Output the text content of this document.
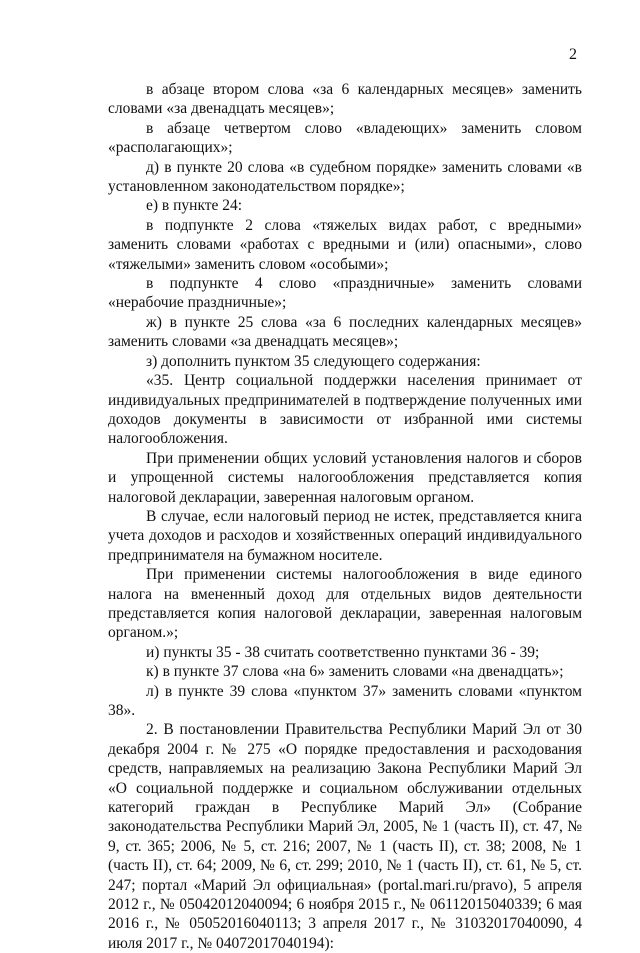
2

в абзаце втором слова «за 6 календарных месяцев» заменить словами «за двенадцать месяцев»;

в абзаце четвертом слово «владеющих» заменить словом «располагающих»;

д) в пункте 20 слова «в судебном порядке» заменить словами «в установленном законодательством порядке»;

е) в пункте 24:

в подпункте 2 слова «тяжелых видах работ, с вредными» заменить словами «работах с вредными и (или) опасными», слово «тяжелыми» заменить словом «особыми»;

в подпункте 4 слово «праздничные» заменить словами «нерабочие праздничные»;

ж) в пункте 25 слова «за 6 последних календарных месяцев» заменить словами «за двенадцать месяцев»;

з) дополнить пунктом 35 следующего содержания:

«35. Центр социальной поддержки населения принимает от индивидуальных предпринимателей в подтверждение полученных ими доходов документы в зависимости от избранной ими системы налогообложения.

При применении общих условий установления налогов и сборов и упрощенной системы налогообложения представляется копия налоговой декларации, заверенная налоговым органом.

В случае, если налоговый период не истек, представляется книга учета доходов и расходов и хозяйственных операций индивидуального предпринимателя на бумажном носителе.

При применении системы налогообложения в виде единого налога на вмененный доход для отдельных видов деятельности представляется копия налоговой декларации, заверенная налоговым органом.»;

и) пункты 35 - 38 считать соответственно пунктами 36 - 39;

к) в пункте 37 слова «на 6» заменить словами «на двенадцать»;

л) в пункте 39 слова «пунктом 37» заменить словами «пунктом 38».

2. В постановлении Правительства Республики Марий Эл от 30 декабря 2004 г. № 275 «О порядке предоставления и расходования средств, направляемых на реализацию Закона Республики Марий Эл «О социальной поддержке и социальном обслуживании отдельных категорий граждан в Республике Марий Эл» (Собрание законодательства Республики Марий Эл, 2005, № 1 (часть II), ст. 47, № 9, ст. 365; 2006, № 5, ст. 216; 2007, № 1 (часть II), ст. 38; 2008, № 1 (часть II), ст. 64; 2009, № 6, ст. 299; 2010, № 1 (часть II), ст. 61, № 5, ст. 247; портал «Марий Эл официальная» (portal.mari.ru/pravo), 5 апреля 2012 г., № 05042012040094; 6 ноября 2015 г., № 06112015040339; 6 мая 2016 г., № 05052016040113; 3 апреля 2017 г., № 31032017040090, 4 июля 2017 г., № 04072017040194):
